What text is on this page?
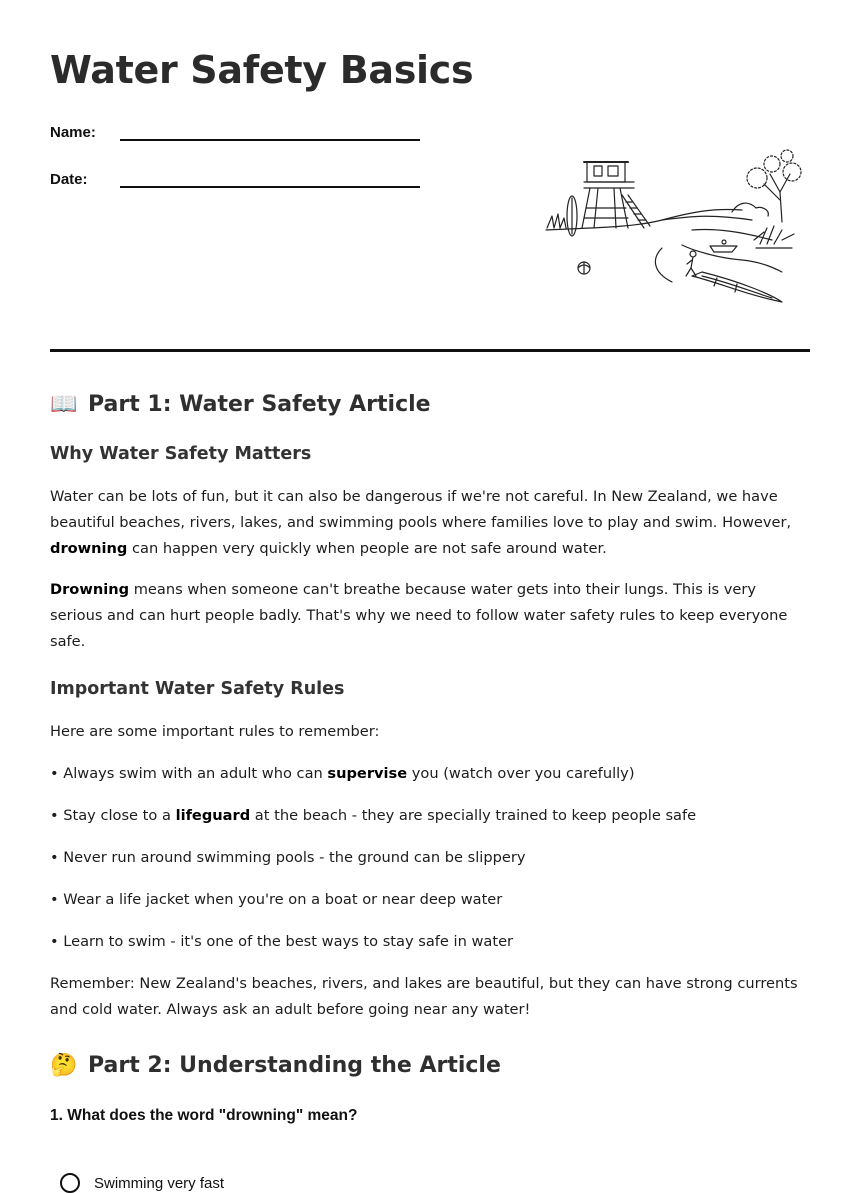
Water Safety Basics
Name:
Date:
📖 Part 1: Water Safety Article
Why Water Safety Matters

Water can be lots of fun, but it can also be dangerous if we're not careful. In New Zealand, we have beautiful beaches, rivers, lakes, and swimming pools where families love to play and swim. However, drowning can happen very quickly when people are not safe around water.

Drowning means when someone can't breathe because water gets into their lungs. This is very serious and can hurt people badly. That's why we need to follow water safety rules to keep everyone safe.

Important Water Safety Rules

Here are some important rules to remember:

• Always swim with an adult who can supervise you (watch over you carefully)

• Stay close to a lifeguard at the beach - they are specially trained to keep people safe

• Never run around swimming pools - the ground can be slippery

• Wear a life jacket when you're on a boat or near deep water

• Learn to swim - it's one of the best ways to stay safe in water

Remember: New Zealand's beaches, rivers, and lakes are beautiful, but they can have strong currents and cold water. Always ask an adult before going near any water!

🤔 Part 2: Understanding the Article

1. What does the word "drowning" mean?

Swimming very fast
